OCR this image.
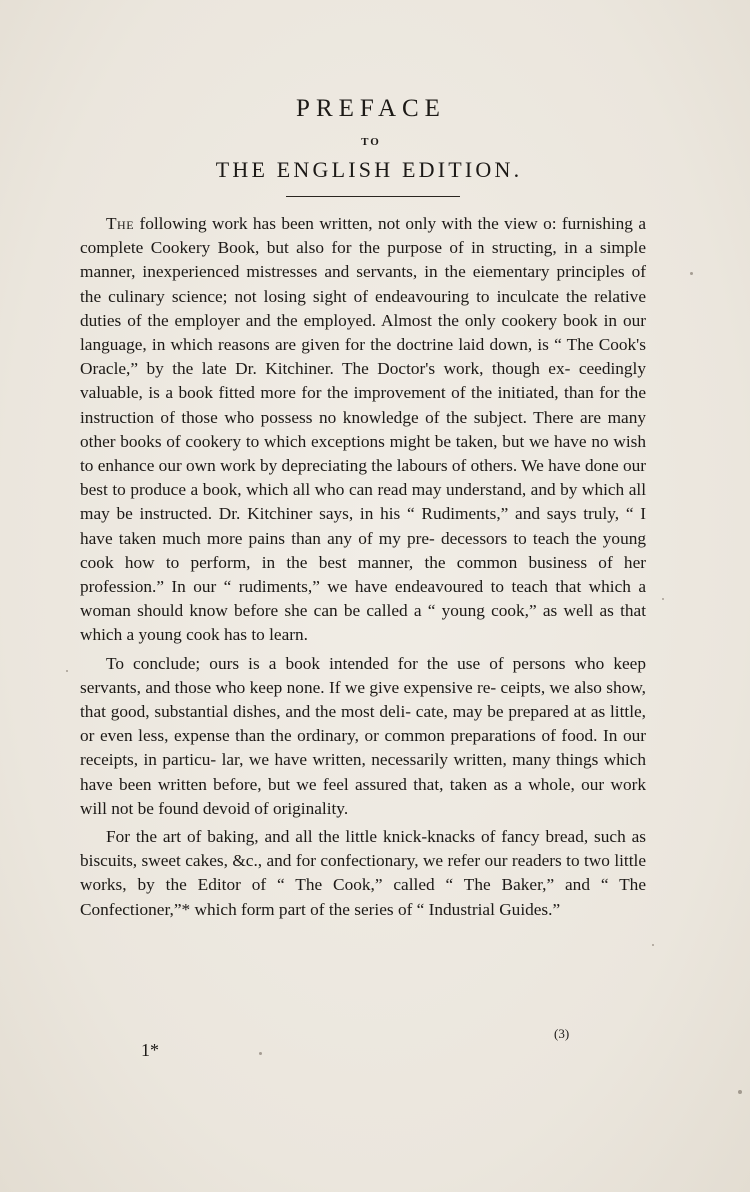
PREFACE
TO
THE ENGLISH EDITION.

The following work has been written, not only with the view o: furnishing a complete Cookery Book, but also for the purpose of in structing, in a simple manner, inexperienced mistresses and servants, in the eiementary principles of the culinary science; not losing sight of endeavouring to inculcate the relative duties of the employer and the employed. Almost the only cookery book in our language, in which reasons are given for the doctrine laid down, is “ The Cook's Oracle,” by the late Dr. Kitchiner. The Doctor's work, though ex- ceedingly valuable, is a book fitted more for the improvement of the initiated, than for the instruction of those who possess no knowledge of the subject. There are many other books of cookery to which exceptions might be taken, but we have no wish to enhance our own work by depreciating the labours of others. We have done our best to produce a book, which all who can read may understand, and by which all may be instructed. Dr. Kitchiner says, in his “ Rudiments,” and says truly, “ I have taken much more pains than any of my pre- decessors to teach the young cook how to perform, in the best manner, the common business of her profession.” In our “ rudiments,” we have endeavoured to teach that which a woman should know before she can be called a “ young cook,” as well as that which a young cook has to learn.

To conclude; ours is a book intended for the use of persons who keep servants, and those who keep none. If we give expensive re- ceipts, we also show, that good, substantial dishes, and the most deli- cate, may be prepared at as little, or even less, expense than the ordinary, or common preparations of food. In our receipts, in particu- lar, we have written, necessarily written, many things which have been written before, but we feel assured that, taken as a whole, our work will not be found devoid of originality.

For the art of baking, and all the little knick-knacks of fancy bread, such as biscuits, sweet cakes, &c., and for confectionary, we refer our readers to two little works, by the Editor of “ The Cook,” called “ The Baker,” and “ The Confectioner,”* which form part of the series of “ Industrial Guides.”

1*
(3)
